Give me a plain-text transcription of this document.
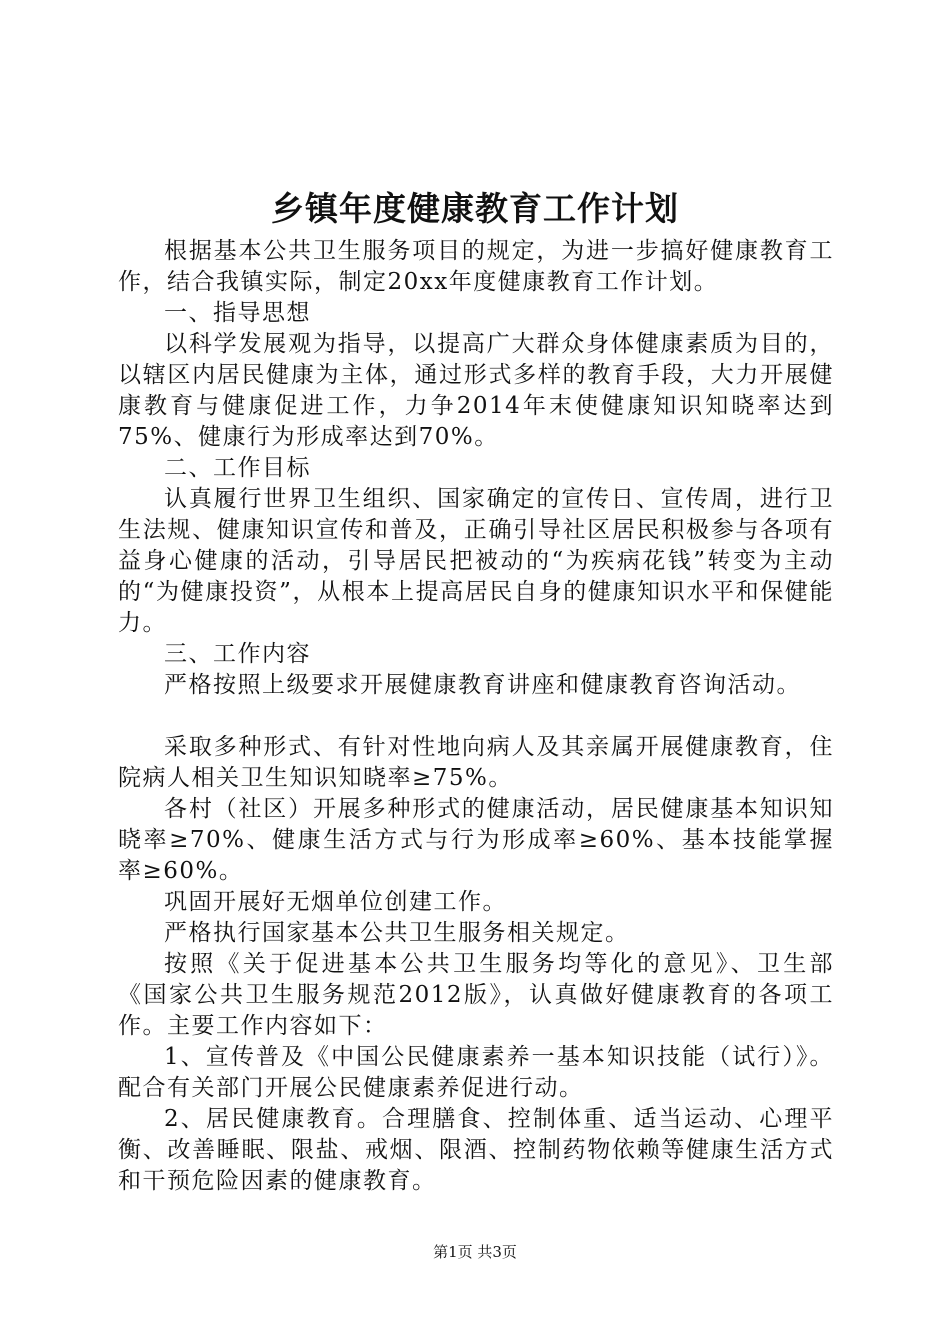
乡镇年度健康教育工作计划

根据基本公共卫生服务项目的规定，为进一步搞好健康教育工作，结合我镇实际，制定20xx年度健康教育工作计划。

一、指导思想

以科学发展观为指导，以提高广大群众身体健康素质为目的，以辖区内居民健康为主体，通过形式多样的教育手段，大力开展健康教育与健康促进工作，力争2014年末使健康知识知晓率达到75%、健康行为形成率达到70%。

二、工作目标

认真履行世界卫生组织、国家确定的宣传日、宣传周，进行卫生法规、健康知识宣传和普及，正确引导社区居民积极参与各项有益身心健康的活动，引导居民把被动的“为疾病花钱”转变为主动的“为健康投资”，从根本上提高居民自身的健康知识水平和保健能力。

三、工作内容

严格按照上级要求开展健康教育讲座和健康教育咨询活动。

采取多种形式、有针对性地向病人及其亲属开展健康教育，住院病人相关卫生知识知晓率≥75%。

各村（社区）开展多种形式的健康活动，居民健康基本知识知晓率≥70%、健康生活方式与行为形成率≥60%、基本技能掌握率≥60%。

巩固开展好无烟单位创建工作。

严格执行国家基本公共卫生服务相关规定。

按照《关于促进基本公共卫生服务均等化的意见》、卫生部《国家公共卫生服务规范2012版》，认真做好健康教育的各项工作。主要工作内容如下：

1、宣传普及《中国公民健康素养一基本知识技能（试行）》。配合有关部门开展公民健康素养促进行动。

2、居民健康教育。合理膳食、控制体重、适当运动、心理平衡、改善睡眠、限盐、戒烟、限酒、控制药物依赖等健康生活方式和干预危险因素的健康教育。

第1页 共3页
